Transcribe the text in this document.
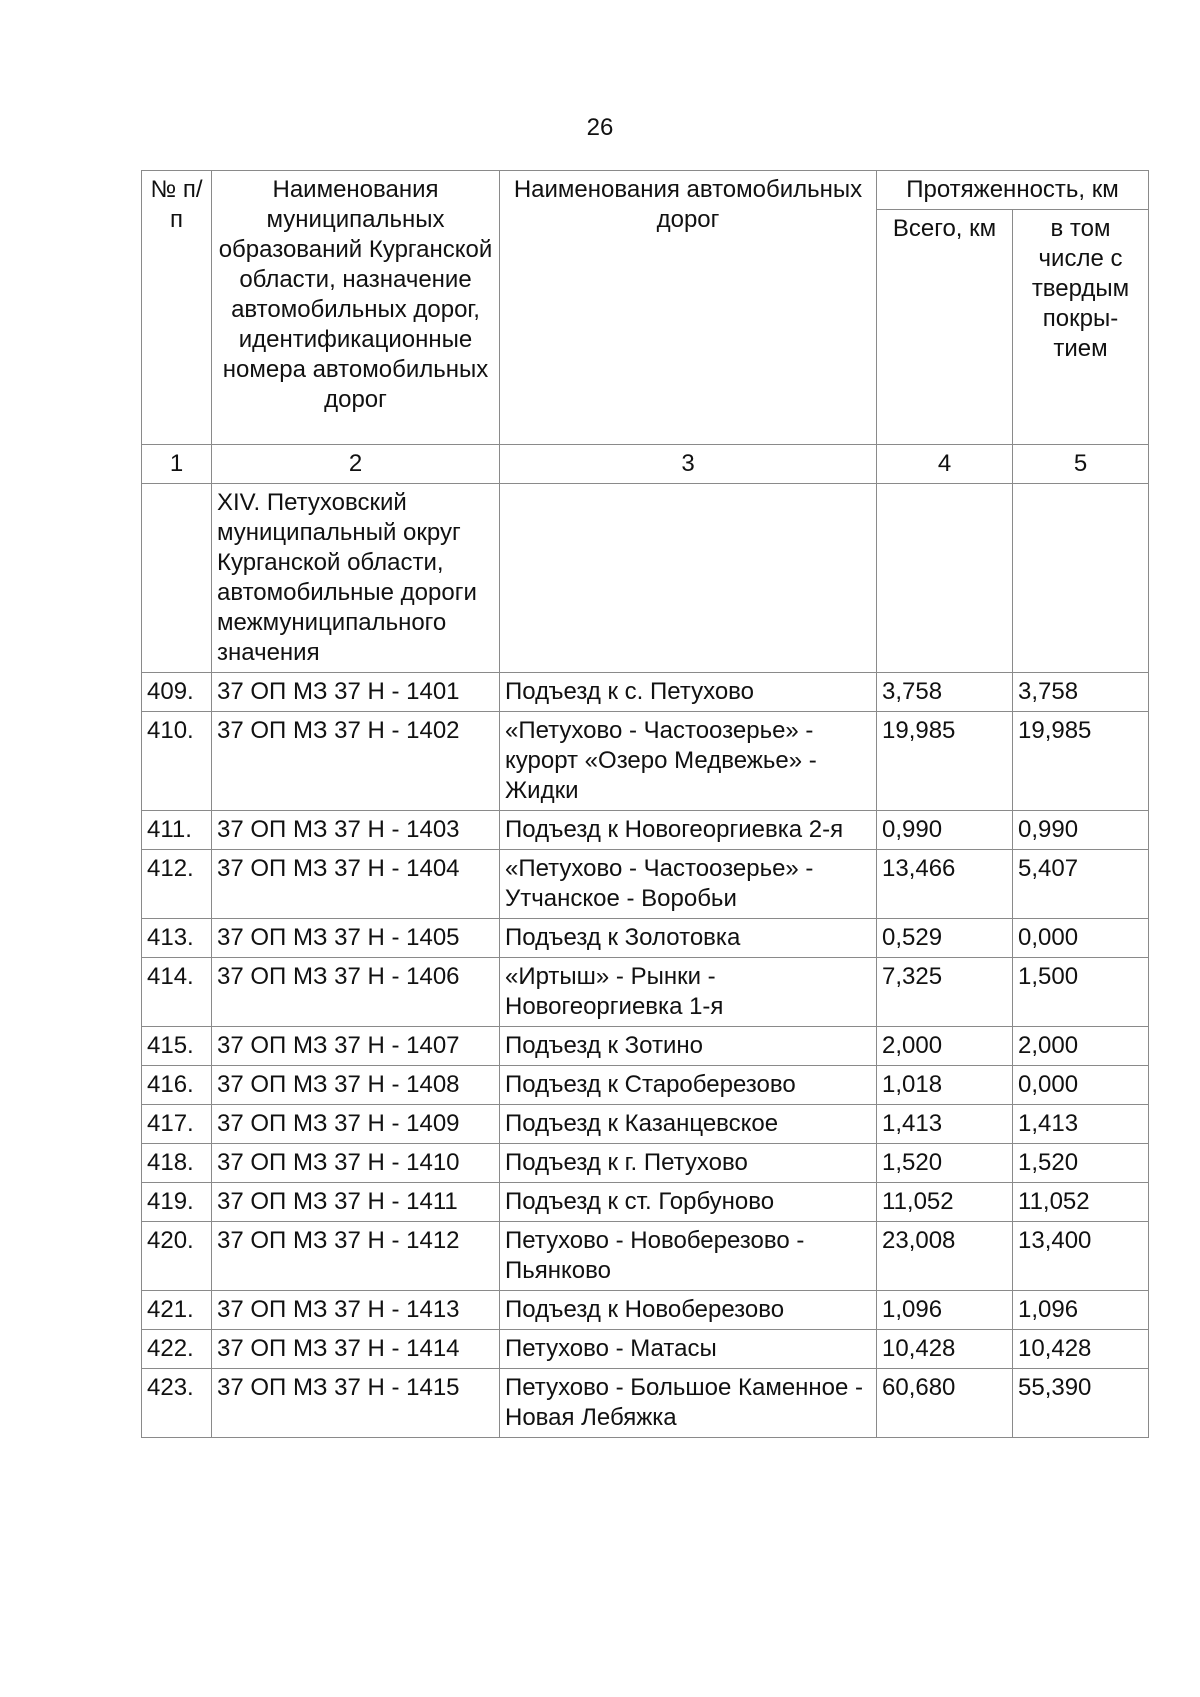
26
№ п/п	Наименования муниципальных образований Курганской области, назначение автомобильных дорог, идентификационные номера автомобильных дорог	Наименования автомобильных дорог	Протяженность, км	
			Всего, км	в том числе с твердым покры-тием
1	2	3	4	5
	XIV. Петуховский муниципальный округ Курганской области, автомобильные дороги межмуниципального значения			
409.	37 ОП МЗ 37 Н - 1401	Подъезд к с. Петухово	3,758	3,758
410.	37 ОП МЗ 37 Н - 1402	«Петухово - Частоозерье» - курорт «Озеро Медвежье» - Жидки	19,985	19,985
411.	37 ОП МЗ 37 Н - 1403	Подъезд к Новогеоргиевка 2-я	0,990	0,990
412.	37 ОП МЗ 37 Н - 1404	«Петухово - Частоозерье» - Утчанское - Воробьи	13,466	5,407
413.	37 ОП МЗ 37 Н - 1405	Подъезд к Золотовка	0,529	0,000
414.	37 ОП МЗ 37 Н - 1406	«Иртыш» - Рынки - Новогеоргиевка 1-я	7,325	1,500
415.	37 ОП МЗ 37 Н - 1407	Подъезд к Зотино	2,000	2,000
416.	37 ОП МЗ 37 Н - 1408	Подъезд к Староберезово	1,018	0,000
417.	37 ОП МЗ 37 Н - 1409	Подъезд к Казанцевское	1,413	1,413
418.	37 ОП МЗ 37 Н - 1410	Подъезд к г. Петухово	1,520	1,520
419.	37 ОП МЗ 37 Н - 1411	Подъезд к ст. Горбуново	11,052	11,052
420.	37 ОП МЗ 37 Н - 1412	Петухово - Новоберезово - Пьянково	23,008	13,400
421.	37 ОП МЗ 37 Н - 1413	Подъезд к Новоберезово	1,096	1,096
422.	37 ОП МЗ 37 Н - 1414	Петухово - Матасы	10,428	10,428
423.	37 ОП МЗ 37 Н - 1415	Петухово - Большое Каменное - Новая Лебяжка	60,680	55,390
